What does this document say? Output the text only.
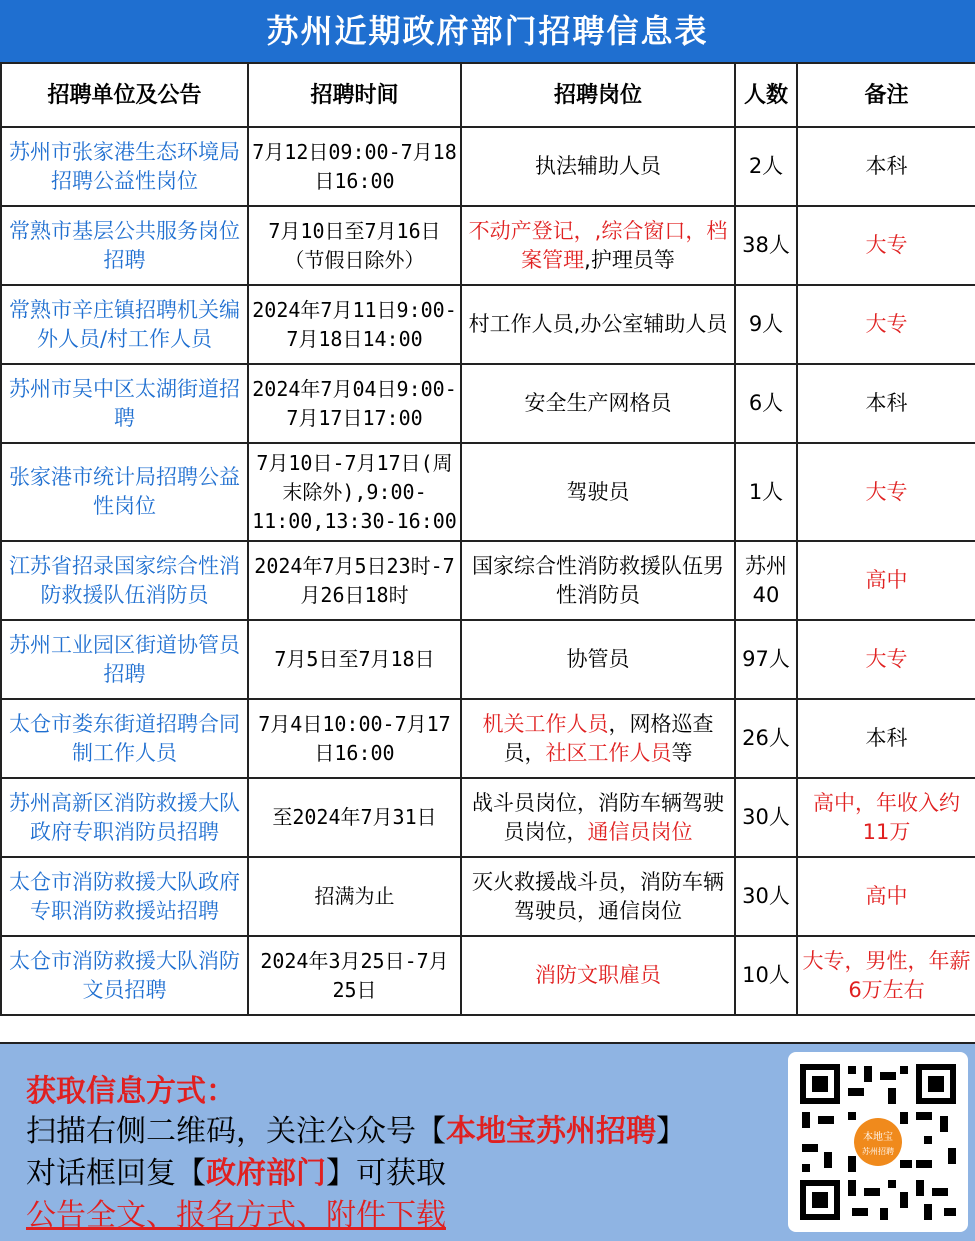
苏州近期政府部门招聘信息表
招聘单位及公告	招聘时间	招聘岗位	人数	备注
苏州市张家港生态环境局招聘公益性岗位	7月12日09:00-7月18日16:00	执法辅助人员	2人	本科
常熟市基层公共服务岗位招聘	7月10日至7月16日（节假日除外）	不动产登记，,综合窗口，档案管理,护理员等	38人	大专
常熟市辛庄镇招聘机关编外人员/村工作人员	2024年7月11日9:00-7月18日14:00	村工作人员,办公室辅助人员	9人	大专
苏州市吴中区太湖街道招聘	2024年7月04日9:00-7月17日17:00	安全生产网格员	6人	本科
张家港市统计局招聘公益性岗位	7月10日-7月17日(周末除外),9:00-11:00,13:30-16:00	驾驶员	1人	大专
江苏省招录国家综合性消防救援队伍消防员	2024年7月5日23时-7月26日18时	国家综合性消防救援队伍男性消防员	苏州40	高中
苏州工业园区街道协管员招聘	7月5日至7月18日	协管员	97人	大专
太仓市娄东街道招聘合同制工作人员	7月4日10:00-7月17日16:00	机关工作人员，网格巡查员，社区工作人员等	26人	本科
苏州高新区消防救援大队政府专职消防员招聘	至2024年7月31日	战斗员岗位，消防车辆驾驶员岗位，通信员岗位	30人	高中，年收入约11万
太仓市消防救援大队政府专职消防救援站招聘	招满为止	灭火救援战斗员，消防车辆驾驶员，通信岗位	30人	高中
太仓市消防救援大队消防文员招聘	2024年3月25日-7月25日	消防文职雇员	10人	大专，男性，年薪6万左右
获取信息方式：
扫描右侧二维码，关注公众号【本地宝苏州招聘】
对话框回复【政府部门】可获取
公告全文、报名方式、附件下载
本地宝
苏州招聘
